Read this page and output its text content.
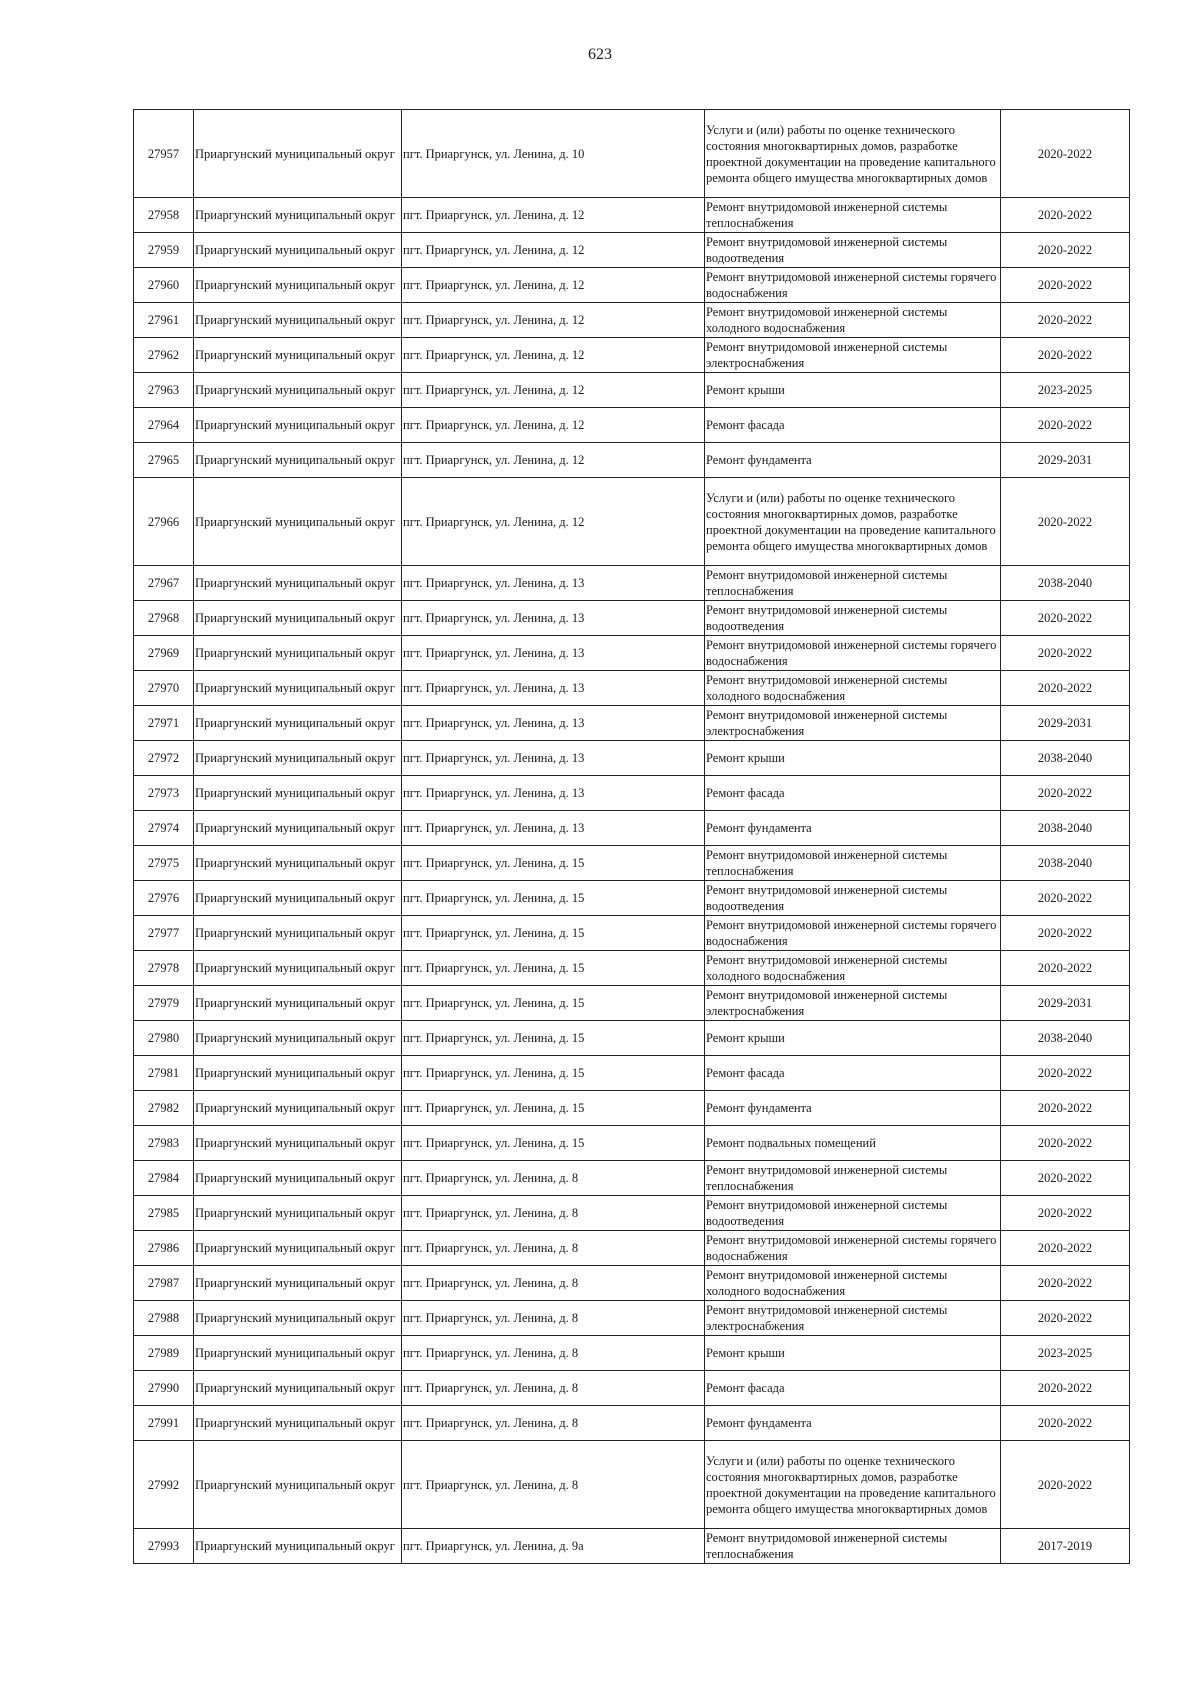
623
27957	Приаргунский муниципальный округ	пгт. Приаргунск, ул. Ленина, д. 10	Услуги и (или) работы по оценке технического состояния многоквартирных домов, разработке проектной документации на проведение капитального ремонта общего имущества многоквартирных домов	2020-2022
27958	Приаргунский муниципальный округ	пгт. Приаргунск, ул. Ленина, д. 12	Ремонт внутридомовой инженерной системы теплоснабжения	2020-2022
27959	Приаргунский муниципальный округ	пгт. Приаргунск, ул. Ленина, д. 12	Ремонт внутридомовой инженерной системы водоотведения	2020-2022
27960	Приаргунский муниципальный округ	пгт. Приаргунск, ул. Ленина, д. 12	Ремонт внутридомовой инженерной системы горячего водоснабжения	2020-2022
27961	Приаргунский муниципальный округ	пгт. Приаргунск, ул. Ленина, д. 12	Ремонт внутридомовой инженерной системы холодного водоснабжения	2020-2022
27962	Приаргунский муниципальный округ	пгт. Приаргунск, ул. Ленина, д. 12	Ремонт внутридомовой инженерной системы электроснабжения	2020-2022
27963	Приаргунский муниципальный округ	пгт. Приаргунск, ул. Ленина, д. 12	Ремонт крыши	2023-2025
27964	Приаргунский муниципальный округ	пгт. Приаргунск, ул. Ленина, д. 12	Ремонт фасада	2020-2022
27965	Приаргунский муниципальный округ	пгт. Приаргунск, ул. Ленина, д. 12	Ремонт фундамента	2029-2031
27966	Приаргунский муниципальный округ	пгт. Приаргунск, ул. Ленина, д. 12	Услуги и (или) работы по оценке технического состояния многоквартирных домов, разработке проектной документации на проведение капитального ремонта общего имущества многоквартирных домов	2020-2022
27967	Приаргунский муниципальный округ	пгт. Приаргунск, ул. Ленина, д. 13	Ремонт внутридомовой инженерной системы теплоснабжения	2038-2040
27968	Приаргунский муниципальный округ	пгт. Приаргунск, ул. Ленина, д. 13	Ремонт внутридомовой инженерной системы водоотведения	2020-2022
27969	Приаргунский муниципальный округ	пгт. Приаргунск, ул. Ленина, д. 13	Ремонт внутридомовой инженерной системы горячего водоснабжения	2020-2022
27970	Приаргунский муниципальный округ	пгт. Приаргунск, ул. Ленина, д. 13	Ремонт внутридомовой инженерной системы холодного водоснабжения	2020-2022
27971	Приаргунский муниципальный округ	пгт. Приаргунск, ул. Ленина, д. 13	Ремонт внутридомовой инженерной системы электроснабжения	2029-2031
27972	Приаргунский муниципальный округ	пгт. Приаргунск, ул. Ленина, д. 13	Ремонт крыши	2038-2040
27973	Приаргунский муниципальный округ	пгт. Приаргунск, ул. Ленина, д. 13	Ремонт фасада	2020-2022
27974	Приаргунский муниципальный округ	пгт. Приаргунск, ул. Ленина, д. 13	Ремонт фундамента	2038-2040
27975	Приаргунский муниципальный округ	пгт. Приаргунск, ул. Ленина, д. 15	Ремонт внутридомовой инженерной системы теплоснабжения	2038-2040
27976	Приаргунский муниципальный округ	пгт. Приаргунск, ул. Ленина, д. 15	Ремонт внутридомовой инженерной системы водоотведения	2020-2022
27977	Приаргунский муниципальный округ	пгт. Приаргунск, ул. Ленина, д. 15	Ремонт внутридомовой инженерной системы горячего водоснабжения	2020-2022
27978	Приаргунский муниципальный округ	пгт. Приаргунск, ул. Ленина, д. 15	Ремонт внутридомовой инженерной системы холодного водоснабжения	2020-2022
27979	Приаргунский муниципальный округ	пгт. Приаргунск, ул. Ленина, д. 15	Ремонт внутридомовой инженерной системы электроснабжения	2029-2031
27980	Приаргунский муниципальный округ	пгт. Приаргунск, ул. Ленина, д. 15	Ремонт крыши	2038-2040
27981	Приаргунский муниципальный округ	пгт. Приаргунск, ул. Ленина, д. 15	Ремонт фасада	2020-2022
27982	Приаргунский муниципальный округ	пгт. Приаргунск, ул. Ленина, д. 15	Ремонт фундамента	2020-2022
27983	Приаргунский муниципальный округ	пгт. Приаргунск, ул. Ленина, д. 15	Ремонт подвальных помещений	2020-2022
27984	Приаргунский муниципальный округ	пгт. Приаргунск, ул. Ленина, д. 8	Ремонт внутридомовой инженерной системы теплоснабжения	2020-2022
27985	Приаргунский муниципальный округ	пгт. Приаргунск, ул. Ленина, д. 8	Ремонт внутридомовой инженерной системы водоотведения	2020-2022
27986	Приаргунский муниципальный округ	пгт. Приаргунск, ул. Ленина, д. 8	Ремонт внутридомовой инженерной системы горячего водоснабжения	2020-2022
27987	Приаргунский муниципальный округ	пгт. Приаргунск, ул. Ленина, д. 8	Ремонт внутридомовой инженерной системы холодного водоснабжения	2020-2022
27988	Приаргунский муниципальный округ	пгт. Приаргунск, ул. Ленина, д. 8	Ремонт внутридомовой инженерной системы электроснабжения	2020-2022
27989	Приаргунский муниципальный округ	пгт. Приаргунск, ул. Ленина, д. 8	Ремонт крыши	2023-2025
27990	Приаргунский муниципальный округ	пгт. Приаргунск, ул. Ленина, д. 8	Ремонт фасада	2020-2022
27991	Приаргунский муниципальный округ	пгт. Приаргунск, ул. Ленина, д. 8	Ремонт фундамента	2020-2022
27992	Приаргунский муниципальный округ	пгт. Приаргунск, ул. Ленина, д. 8	Услуги и (или) работы по оценке технического состояния многоквартирных домов, разработке проектной документации на проведение капитального ремонта общего имущества многоквартирных домов	2020-2022
27993	Приаргунский муниципальный округ	пгт. Приаргунск, ул. Ленина, д. 9а	Ремонт внутридомовой инженерной системы теплоснабжения	2017-2019
